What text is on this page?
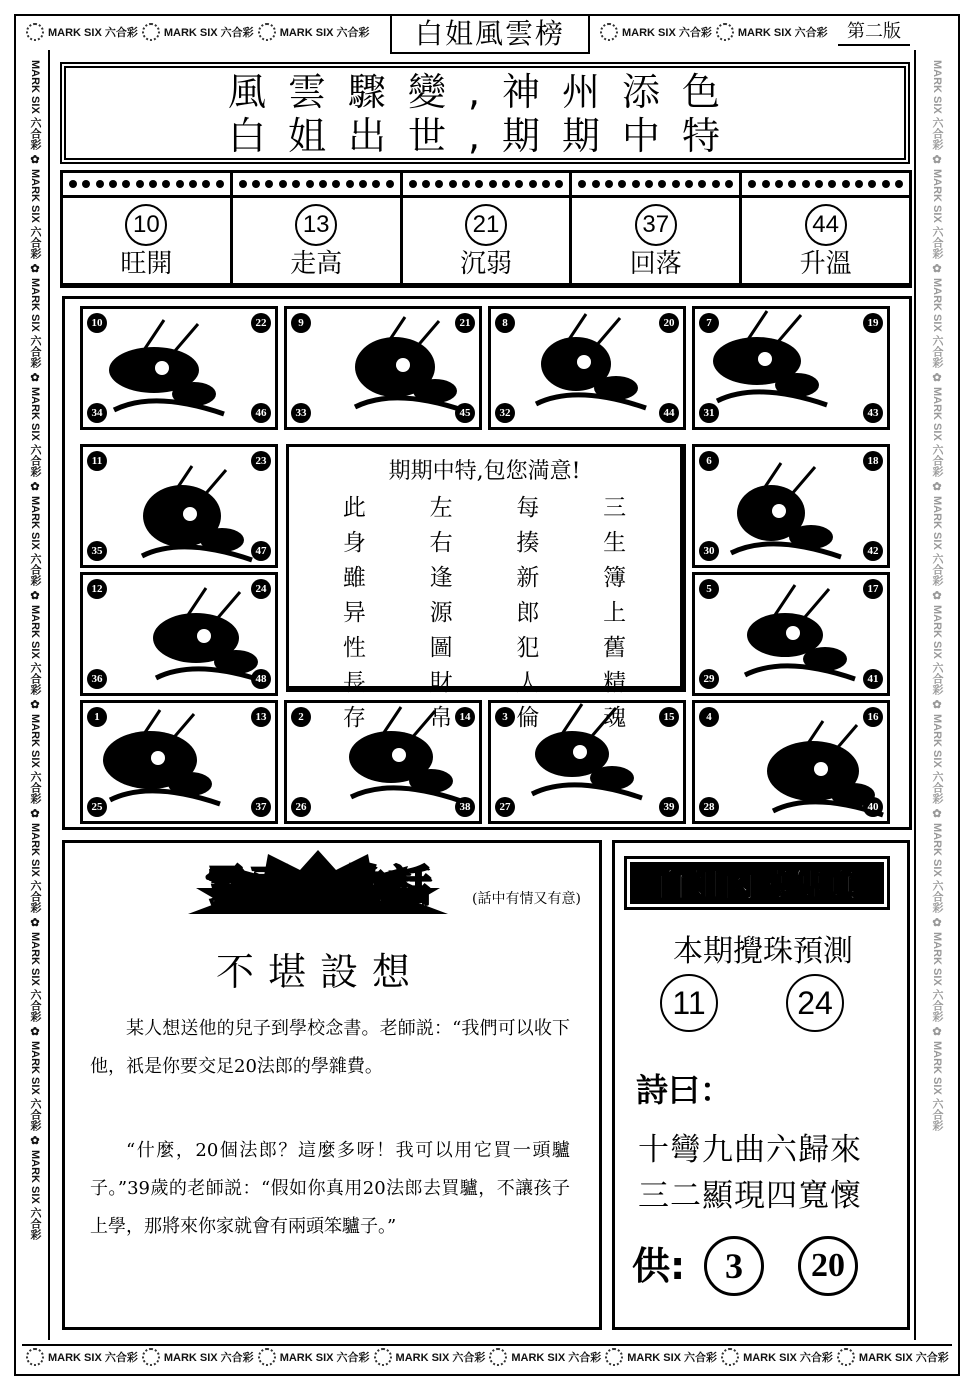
MARK SIX 六合彩 MARK SIX 六合彩 MARK SIX 六合彩	白姐風雲榜	MARK SIX 六合彩 MARK SIX 六合彩	第二版
MARK SIX 六合彩
✿
MARK SIX 六合彩
✿
MARK SIX 六合彩
✿
MARK SIX 六合彩
✿
MARK SIX 六合彩
✿
MARK SIX 六合彩
✿
MARK SIX 六合彩
✿
MARK SIX 六合彩
✿
MARK SIX 六合彩
✿
MARK SIX 六合彩
✿
MARK SIX 六合彩
MARK SIX 六合彩
✿
MARK SIX 六合彩
✿
MARK SIX 六合彩
✿
MARK SIX 六合彩
✿
MARK SIX 六合彩
✿
MARK SIX 六合彩
✿
MARK SIX 六合彩
✿
MARK SIX 六合彩
✿
MARK SIX 六合彩
✿
MARK SIX 六合彩
MARK SIX 六合彩 MARK SIX 六合彩 MARK SIX 六合彩 MARK SIX 六合彩 MARK SIX 六合彩 MARK SIX 六合彩 MARK SIX 六合彩 MARK SIX 六合彩
風雲驟變,神州添色
白姐出世,期期中特
10
旺開
13
走高
21
沉弱
37
回落
44
升溫
10	22
34	46
9	21
33	45
8	20
32	44
7	19
31	43
11	23
35	47
6	18
30	42
12	24
36	48
5	17
29	41
1	13
25	37
2	14
26	38
3	15
27	39
4	16
28	40
期期中特,包您満意!
此	左	每	三
身	右	揍	生
雖	逢	新	簿
异	源	郎	上
性	圖	犯	舊
長	財	人	精
存	帛	倫	魂
雲雨之歡話	(話中有情又有意)
不堪設想
某人想送他的兒子到學校念書。老師説：“我們可以收下他，祇是你要交足20法郎的學雜費。
“什麼，20個法郎？這麼多呀！我可以用它買一頭驢子。”39歲的老師説：“假如你真用20法郎去買驢，不讓孩子上學，那將來你家就會有兩頭笨驢子。”
白姐內幕傳真
本期攪珠預測
11	24
詩曰：
十彎九曲六歸來
三二顯現四寬懷
供:	3	20
